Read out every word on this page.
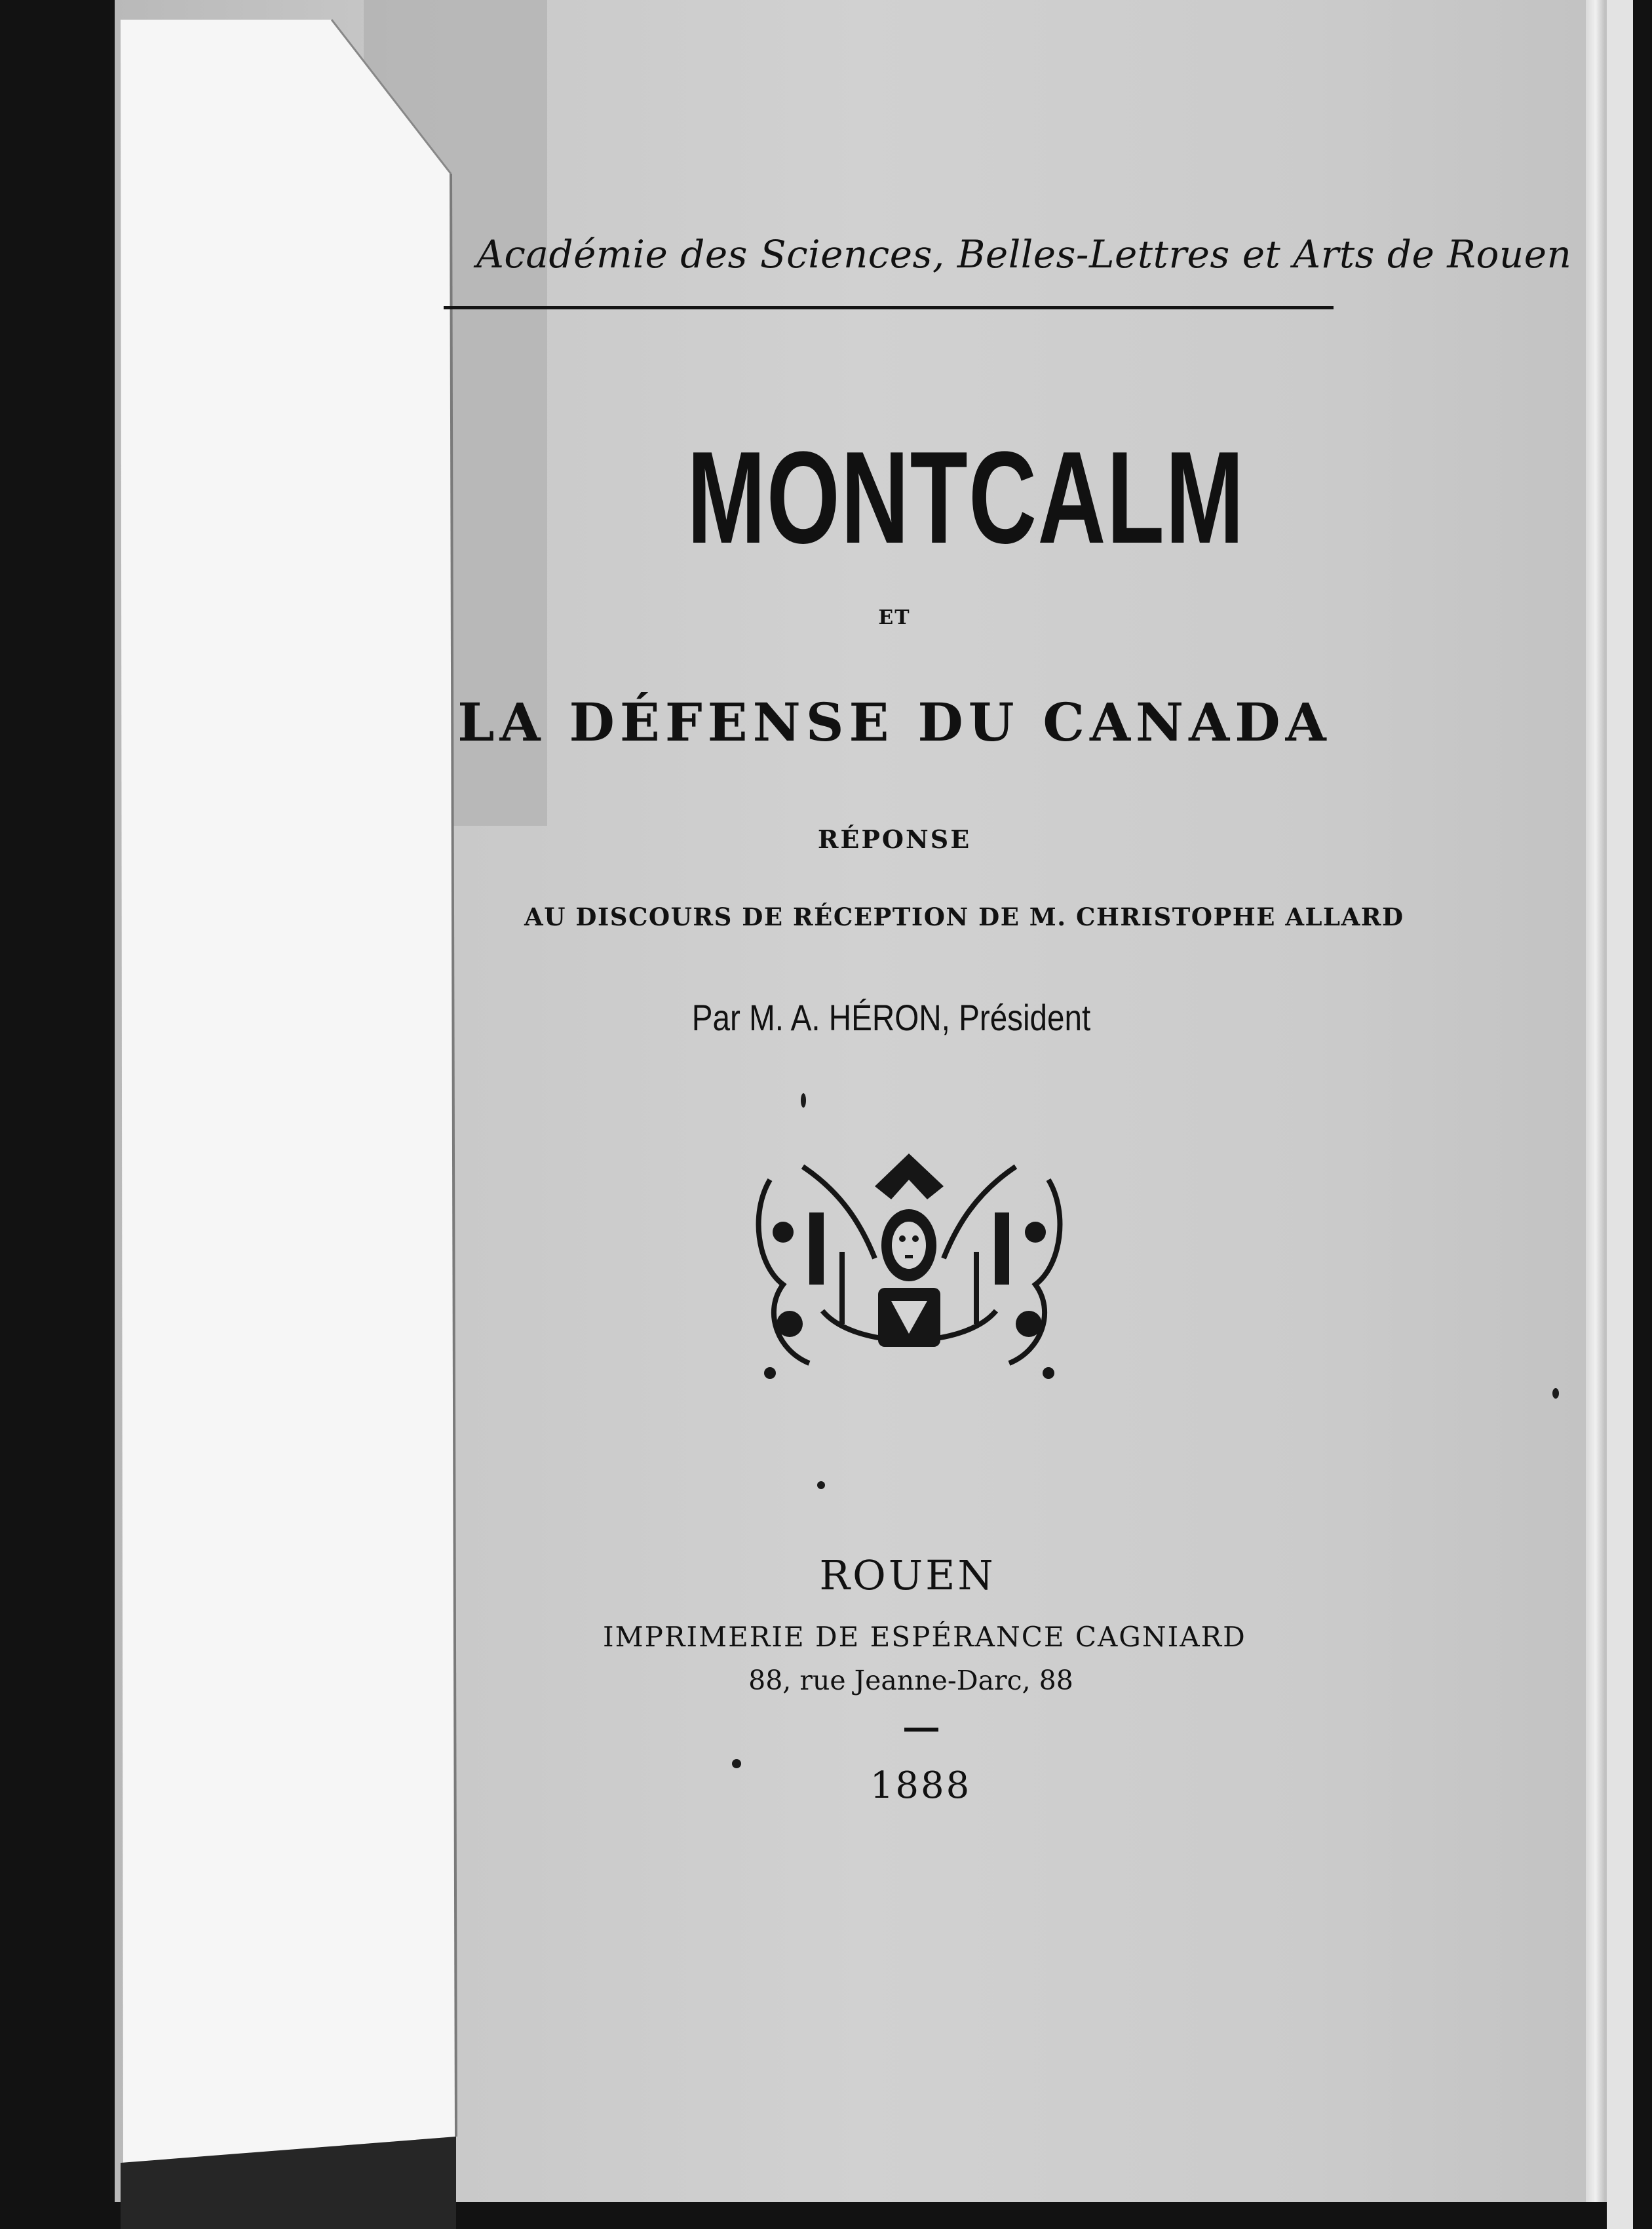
Académie des Sciences, Belles-Lettres et Arts de Rouen
MONTCALM
ET
LA DÉFENSE DU CANADA
RÉPONSE
AU DISCOURS DE RÉCEPTION DE M. CHRISTOPHE ALLARD
Par M. A. HÉRON, Président
ROUEN
IMPRIMERIE DE ESPÉRANCE CAGNIARD
88, rue Jeanne-Darc, 88
1888
